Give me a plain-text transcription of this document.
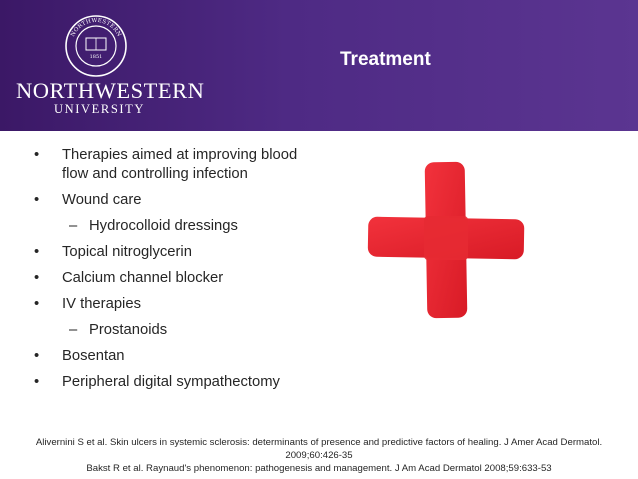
NORTHWESTERN
1851
NORTHWESTERN
UNIVERSITY
Treatment
•	Therapies aimed at improving blood flow and controlling infection
•	Wound care
– Hydrocolloid dressings
•	Topical nitroglycerin
•	Calcium channel blocker
•	IV therapies
– Prostanoids
•	Bosentan
•	Peripheral digital sympathectomy
Alivernini S et al. Skin ulcers in systemic sclerosis: determinants of presence and predictive factors of healing. J Amer Acad Dermatol.
2009;60:426-35
Bakst R et al. Raynaud's phenomenon: pathogenesis and management. J Am Acad Dermatol 2008;59:633-53
